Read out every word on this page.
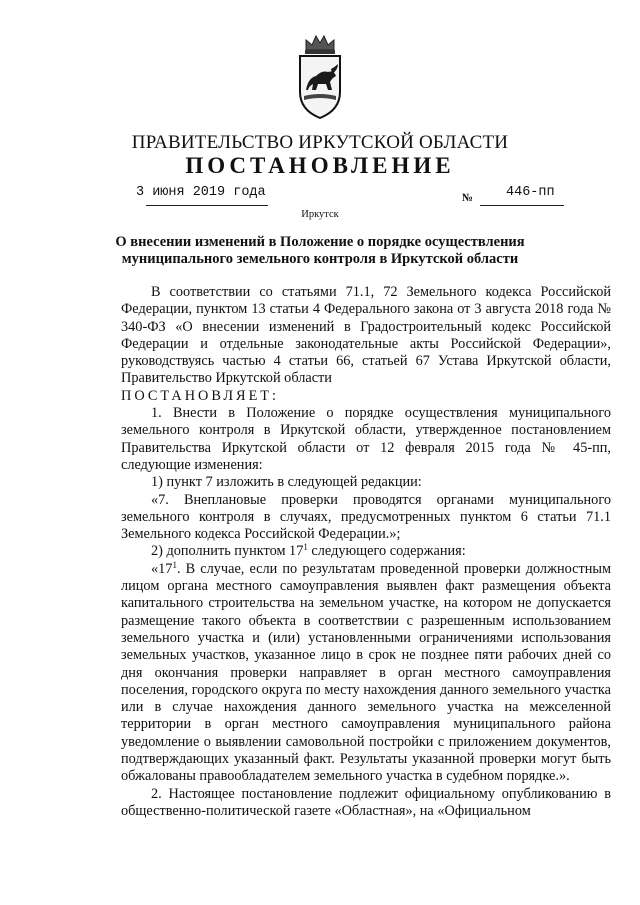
ПРАВИТЕЛЬСТВО ИРКУТСКОЙ ОБЛАСТИ
ПОСТАНОВЛЕНИЕ
3 июня 2019 года	№ 446-пп
Иркутск
О внесении изменений в Положение о порядке осуществления муниципального земельного контроля в Иркутской области

В соответствии со статьями 71.1, 72 Земельного кодекса Российской Федерации, пунктом 13 статьи 4 Федерального закона от 3 августа 2018 года № 340-ФЗ «О внесении изменений в Градостроительный кодекс Российской Федерации и отдельные законодательные акты Российской Федерации», руководствуясь частью 4 статьи 66, статьей 67 Устава Иркутской области, Правительство Иркутской области

ПОСТАНОВЛЯЕТ:

1. Внести в Положение о порядке осуществления муниципального земельного контроля в Иркутской области, утвержденное постановлением Правительства Иркутской области от 12 февраля 2015 года № 45-пп, следующие изменения:

1) пункт 7 изложить в следующей редакции:

«7. Внеплановые проверки проводятся органами муниципального земельного контроля в случаях, предусмотренных пунктом 6 статьи 71.1 Земельного кодекса Российской Федерации.»;

2) дополнить пунктом $17^1$ следующего содержания:

«$17^1$. В случае, если по результатам проведенной проверки должностным лицом органа местного самоуправления выявлен факт размещения объекта капитального строительства на земельном участке, на котором не допускается размещение такого объекта в соответствии с разрешенным использованием земельного участка и (или) установленными ограничениями использования земельных участков, указанное лицо в срок не позднее пяти рабочих дней со дня окончания проверки направляет в орган местного самоуправления поселения, городского округа по месту нахождения данного земельного участка или в случае нахождения данного земельного участка на межселенной территории в орган местного самоуправления муниципального района уведомление о выявлении самовольной постройки с приложением документов, подтверждающих указанный факт. Результаты указанной проверки могут быть обжалованы правообладателем земельного участка в судебном порядке.».

2. Настоящее постановление подлежит официальному опубликованию в общественно-политической газете «Областная», на «Официальном
